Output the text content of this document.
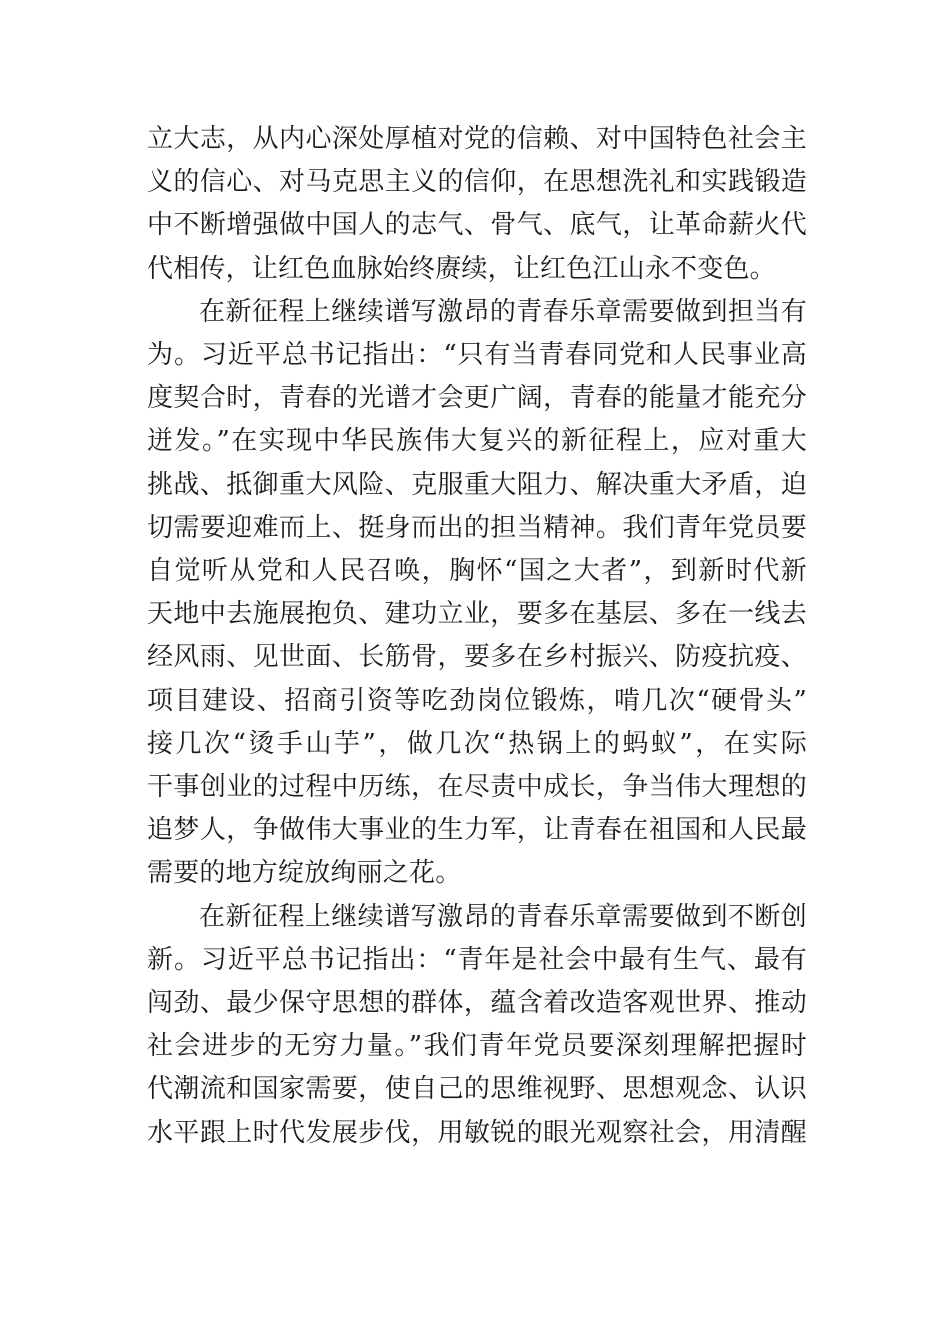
立大志，从内心深处厚植对党的信赖、对中国特色社会主
义的信心、对马克思主义的信仰，在思想洗礼和实践锻造
中不断增强做中国人的志气、骨气、底气，让革命薪火代
代相传，让红色血脉始终赓续，让红色江山永不变色。
在新征程上继续谱写激昂的青春乐章需要做到担当有
为。习近平总书记指出：“只有当青春同党和人民事业高
度契合时，青春的光谱才会更广阔，青春的能量才能充分
迸发。”在实现中华民族伟大复兴的新征程上，应对重大
挑战、抵御重大风险、克服重大阻力、解决重大矛盾，迫
切需要迎难而上、挺身而出的担当精神。我们青年党员要
自觉听从党和人民召唤，胸怀“国之大者”，到新时代新
天地中去施展抱负、建功立业，要多在基层、多在一线去
经风雨、见世面、长筋骨，要多在乡村振兴、防疫抗疫、
项目建设、招商引资等吃劲岗位锻炼，啃几次“硬骨头”
接几次“烫手山芋”，做几次“热锅上的蚂蚁”，在实际
干事创业的过程中历练，在尽责中成长，争当伟大理想的
追梦人，争做伟大事业的生力军，让青春在祖国和人民最
需要的地方绽放绚丽之花。
在新征程上继续谱写激昂的青春乐章需要做到不断创
新。习近平总书记指出：“青年是社会中最有生气、最有
闯劲、最少保守思想的群体，蕴含着改造客观世界、推动
社会进步的无穷力量。”我们青年党员要深刻理解把握时
代潮流和国家需要，使自己的思维视野、思想观念、认识
水平跟上时代发展步伐，用敏锐的眼光观察社会，用清醒
